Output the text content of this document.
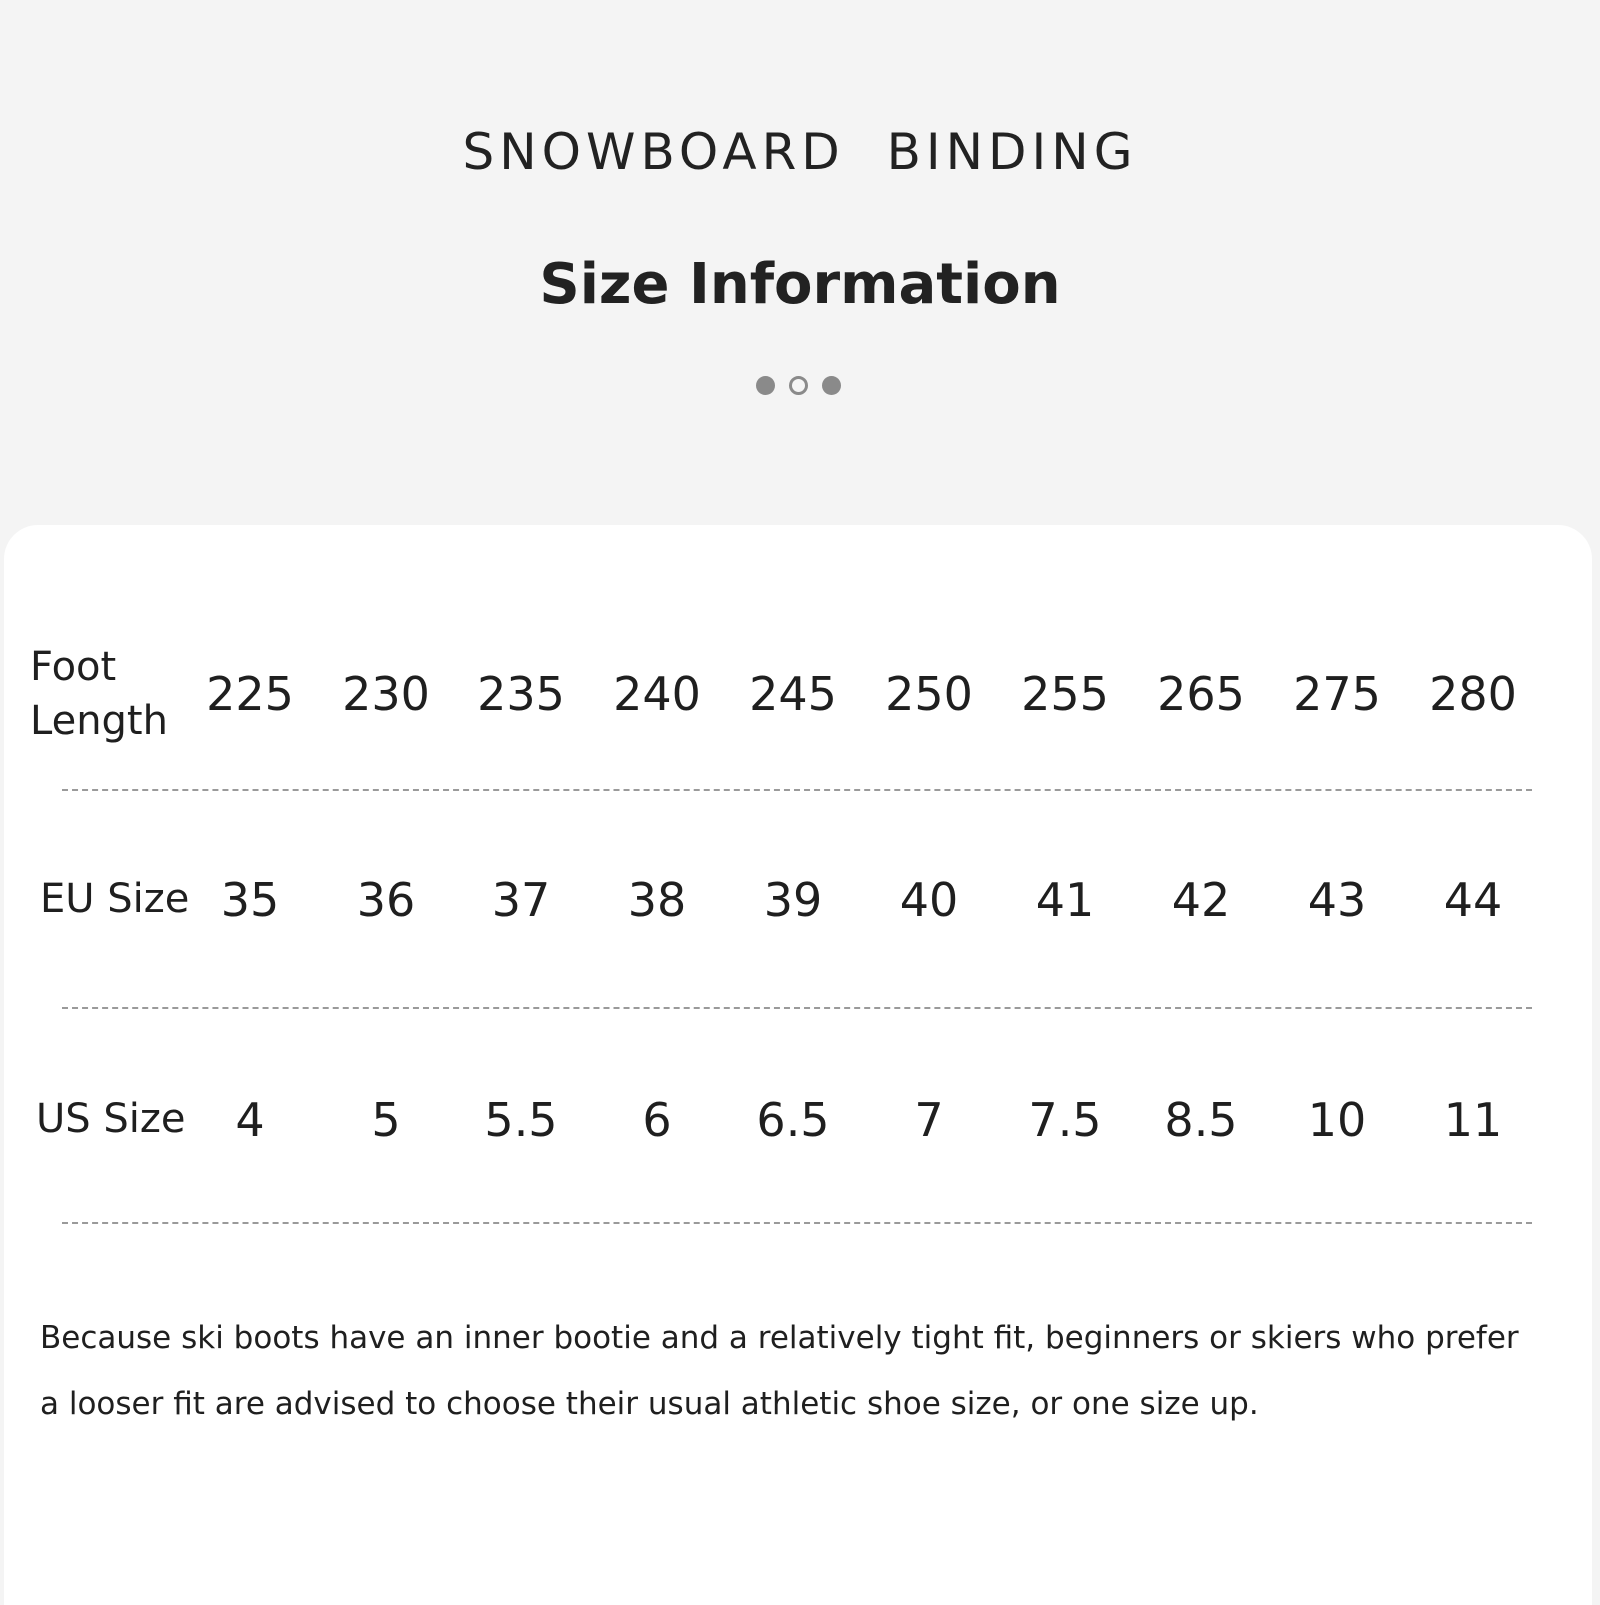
SNOWBOARD  BINDING
Size Information
Foot
Length 225	230	235	240	245	250	255	265	275	280
EU Size 35	36	37	38	39	40	41	42	43	44
US Size	4	5	5.5	6	6.5	7	7.5	8.5	10	11

Because ski boots have an inner bootie and a relatively tight fit, beginners or skiers who prefer

a looser fit are advised to choose their usual athletic shoe size, or one size up.
